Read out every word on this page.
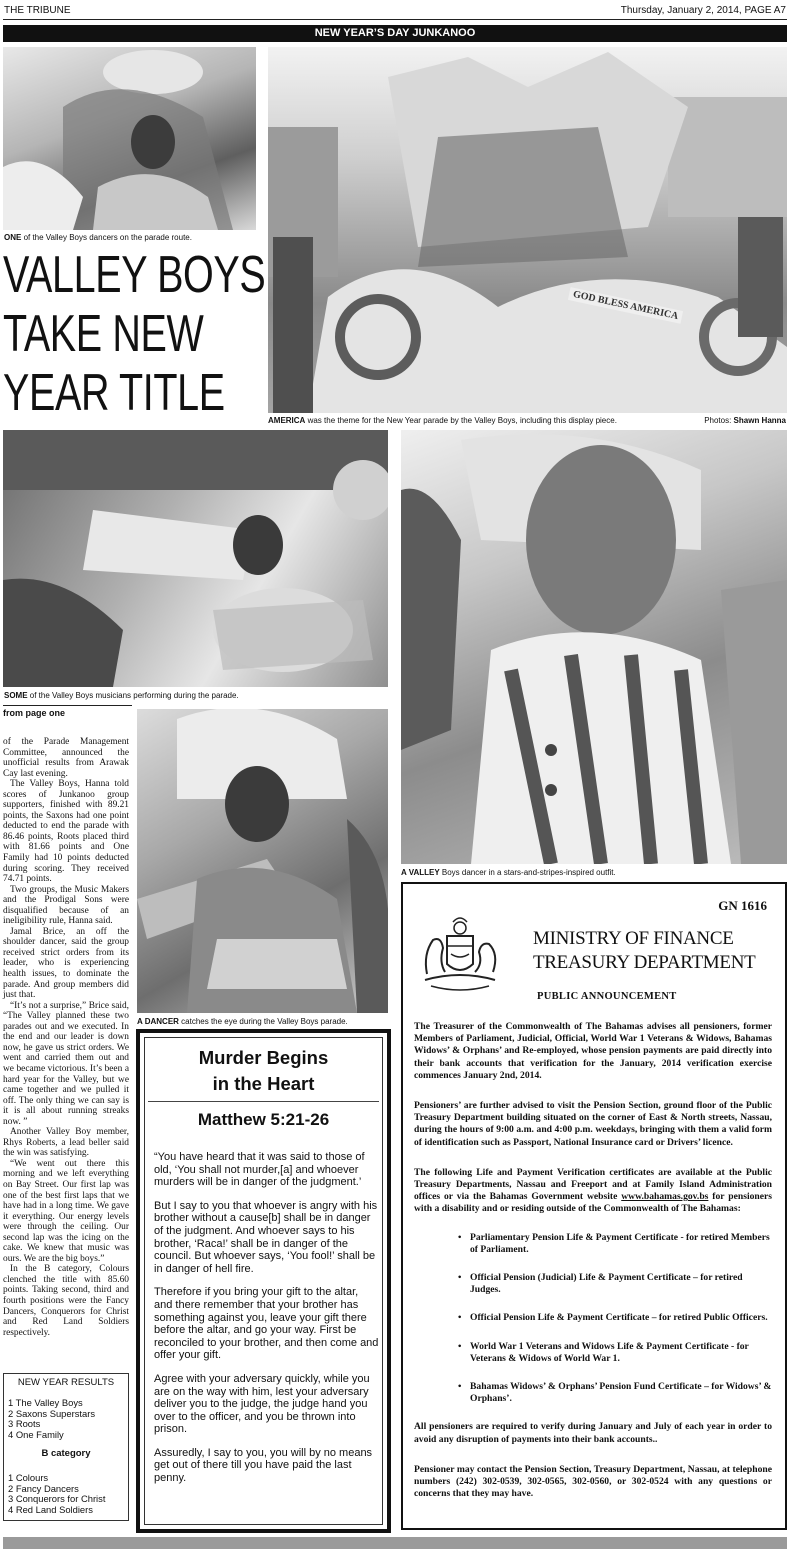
THE TRIBUNE	Thursday, January 2, 2014, PAGE A7
NEW YEAR’S DAY JUNKANOO
ONE of the Valley Boys dancers on the parade route.
VALLEY BOYS
TAKE NEW
YEAR TITLE
GOD BLESS AMERICA
AMERICA was the theme for the New Year parade by the Valley Boys, including this display piece.	Photos: Shawn Hanna
SOME of the Valley Boys musicians performing during the parade.
A VALLEY Boys dancer in a stars-and-stripes-inspired outfit.
from page one

of the Parade Management Committee, announced the unofficial results from Arawak Cay last evening.

The Valley Boys, Hanna told scores of Junkanoo group supporters, finished with 89.21 points, the Saxons had one point deducted to end the parade with 86.46 points, Roots placed third with 81.66 points and One Family had 10 points deducted during scoring. They received 74.71 points.

Two groups, the Music Makers and the Prodigal Sons were disqualified because of an ineligibility rule, Hanna said.

Jamal Brice, an off the shoulder dancer, said the group received strict orders from its leader, who is experiencing health issues, to dominate the parade. And group members did just that.

“It’s not a surprise,” Brice said, “The Valley planned these two parades out and we executed. In the end and our leader is down now, he gave us strict orders. We went and carried them out and we became victorious. It’s been a hard year for the Valley, but we came together and we pulled it off. The only thing we can say is it is all about running streaks now. ”

Another Valley Boy member, Rhys Roberts, a lead beller said the win was satisfying.

“We went out there this morning and we left everything on Bay Street. Our first lap was one of the best first laps that we have had in a long time. We gave it everything. Our energy levels were through the ceiling. Our second lap was the icing on the cake. We knew that music was ours. We are the big boys.”

In the B category, Colours clenched the title with 85.60 points. Taking second, third and fourth positions were the Fancy Dancers, Conquerors for Christ and Red Land Soldiers respectively.

NEW YEAR RESULTS
1 The Valley Boys
2 Saxons Superstars
3 Roots
4 One Family
B category
1 Colours
2 Fancy Dancers
3 Conquerors for Christ
4 Red Land Soldiers
A DANCER catches the eye during the Valley Boys parade.
Murder Begins
in the Heart
Matthew 5:21-26

“You have heard that it was said to those of old, ‘You shall not murder,[a] and whoever murders will be in danger of the judgment.’

But I say to you that whoever is angry with his brother without a cause[b] shall be in danger of the judgment. And whoever says to his brother, ‘Raca!’ shall be in danger of the council. But whoever says, ‘You fool!’ shall be in danger of hell fire.

Therefore if you bring your gift to the altar, and there remember that your brother has something against you, leave your gift there before the altar, and go your way. First be reconciled to your brother, and then come and offer your gift.

Agree with your adversary quickly, while you are on the way with him, lest your adversary deliver you to the judge, the judge hand you over to the officer, and you be thrown into prison.

Assuredly, I say to you, you will by no means get out of there till you have paid the last penny.

GN 1616
MINISTRY OF FINANCE
TREASURY DEPARTMENT
PUBLIC ANNOUNCEMENT

The Treasurer of the Commonwealth of The Bahamas advises all pensioners, former Members of Parliament, Judicial, Official, World War 1 Veterans & Widows, Bahamas Widows’ & Orphans’ and Re-employed, whose pension payments are paid directly into their bank accounts that verification for the January, 2014 verification exercise commences January 2nd, 2014.

Pensioners’ are further advised to visit the Pension Section, ground floor of the Public Treasury Department building situated on the corner of East & North streets, Nassau, during the hours of 9:00 a.m. and 4:00 p.m. weekdays, bringing with them a valid form of identification such as Passport, National Insurance card or Drivers’ licence.

The following Life and Payment Verification certificates are available at the Public Treasury Departments, Nassau and Freeport and at Family Island Administration offices or via the Bahamas Government website www.bahamas.gov.bs for pensioners with a disability and or residing outside of the Commonwealth of The Bahamas:

• Parliamentary Pension Life & Payment Certificate - for retired Members of Parliament.
• Official Pension (Judicial) Life & Payment Certificate – for retired Judges.
• Official Pension Life & Payment Certificate – for retired Public Officers.
• World War 1 Veterans and Widows Life & Payment Certificate - for Veterans & Widows of World War 1.
• Bahamas Widows’ & Orphans’ Pension Fund Certificate – for Widows’ & Orphans’.

All pensioners are required to verify during January and July of each year in order to avoid any disruption of payments into their bank accounts..

Pensioner may contact the Pension Section, Treasury Department, Nassau, at telephone numbers (242) 302-0539, 302-0565, 302-0560, or 302-0524 with any questions or concerns that they may have.
